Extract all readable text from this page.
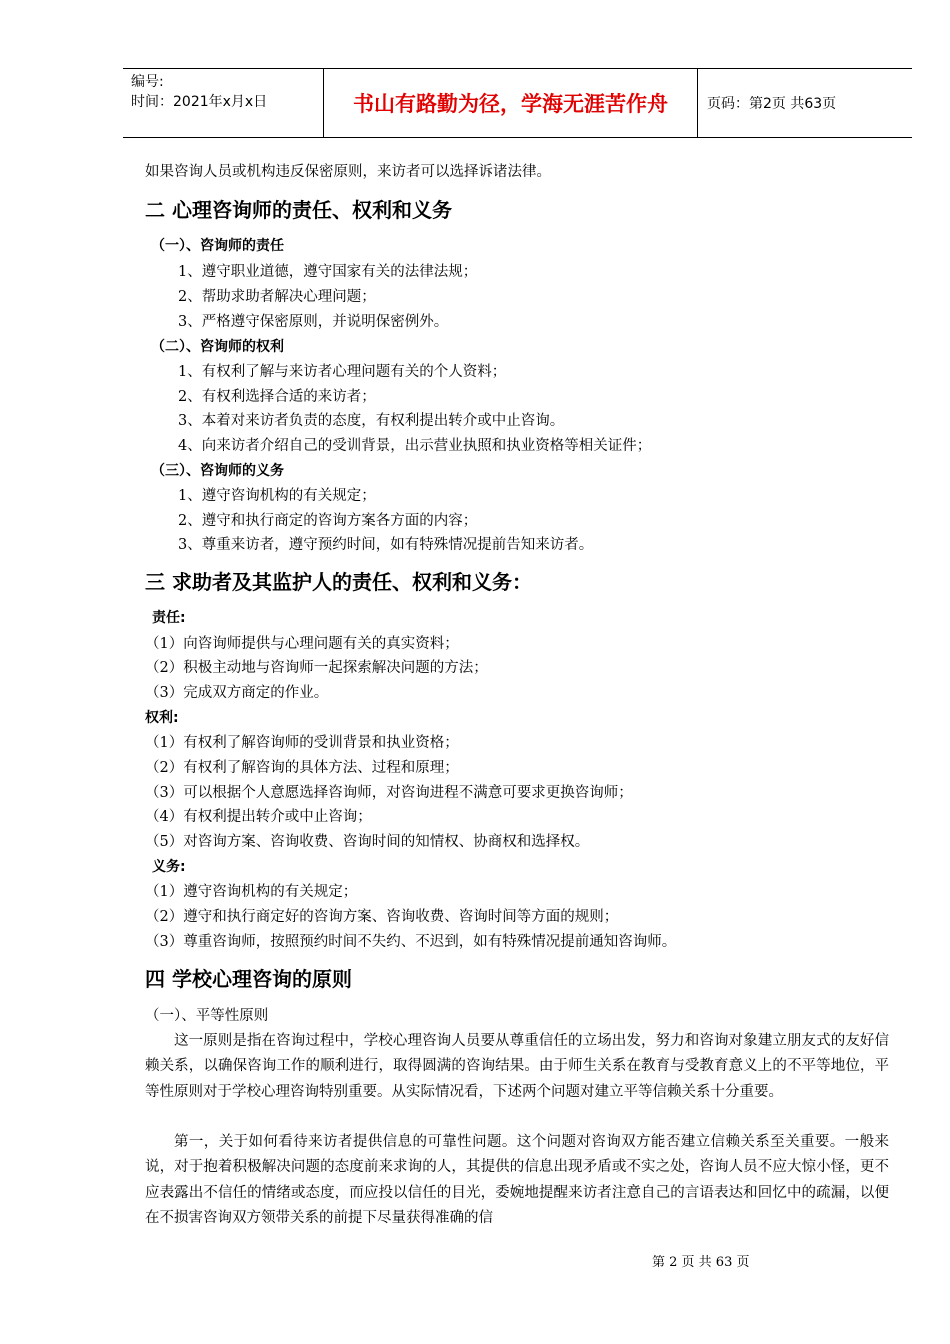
编号:
时间：2021年x月x日	书山有路勤为径，学海无涯苦作舟	页码：第2页 共63页
如果咨询人员或机构违反保密原则，来访者可以选择诉诸法律。
二 心理咨询师的责任、权利和义务
（一）、咨询师的责任
1、遵守职业道德，遵守国家有关的法律法规；
2、帮助求助者解决心理问题；
3、严格遵守保密原则，并说明保密例外。
（二）、咨询师的权利
1、有权利了解与来访者心理问题有关的个人资料；
2、有权利选择合适的来访者；
3、本着对来访者负责的态度，有权利提出转介或中止咨询。
4、向来访者介绍自己的受训背景，出示营业执照和执业资格等相关证件；
（三）、咨询师的义务
1、遵守咨询机构的有关规定；
2、遵守和执行商定的咨询方案各方面的内容；
3、尊重来访者，遵守预约时间，如有特殊情况提前告知来访者。
三 求助者及其监护人的责任、权利和义务：
责任:
（1）向咨询师提供与心理问题有关的真实资料；
（2）积极主动地与咨询师一起探索解决问题的方法；
（3）完成双方商定的作业。
权利:
（1）有权利了解咨询师的受训背景和执业资格；
（2）有权利了解咨询的具体方法、过程和原理；
（3）可以根据个人意愿选择咨询师，对咨询进程不满意可要求更换咨询师；
（4）有权利提出转介或中止咨询；
（5）对咨询方案、咨询收费、咨询时间的知情权、协商权和选择权。
义务:
（1）遵守咨询机构的有关规定；
（2）遵守和执行商定好的咨询方案、咨询收费、咨询时间等方面的规则；
（3）尊重咨询师，按照预约时间不失约、不迟到，如有特殊情况提前通知咨询师。
四 学校心理咨询的原则
（一）、平等性原则
这一原则是指在咨询过程中，学校心理咨询人员要从尊重信任的立场出发，努力和咨询对象建立朋友式的友好信赖关系，以确保咨询工作的顺利进行，取得圆满的咨询结果。由于师生关系在教育与受教育意义上的不平等地位，平等性原则对于学校心理咨询特别重要。从实际情况看，下述两个问题对建立平等信赖关系十分重要。
第一，关于如何看待来访者提供信息的可靠性问题。这个问题对咨询双方能否建立信赖关系至关重要。一般来说，对于抱着积极解决问题的态度前来求询的人，其提供的信息出现矛盾或不实之处，咨询人员不应大惊小怪，更不应表露出不信任的情绪或态度，而应投以信任的目光，委婉地提醒来访者注意自己的言语表达和回忆中的疏漏，以便在不损害咨询双方领带关系的前提下尽量获得准确的信
第 2 页 共 63 页
